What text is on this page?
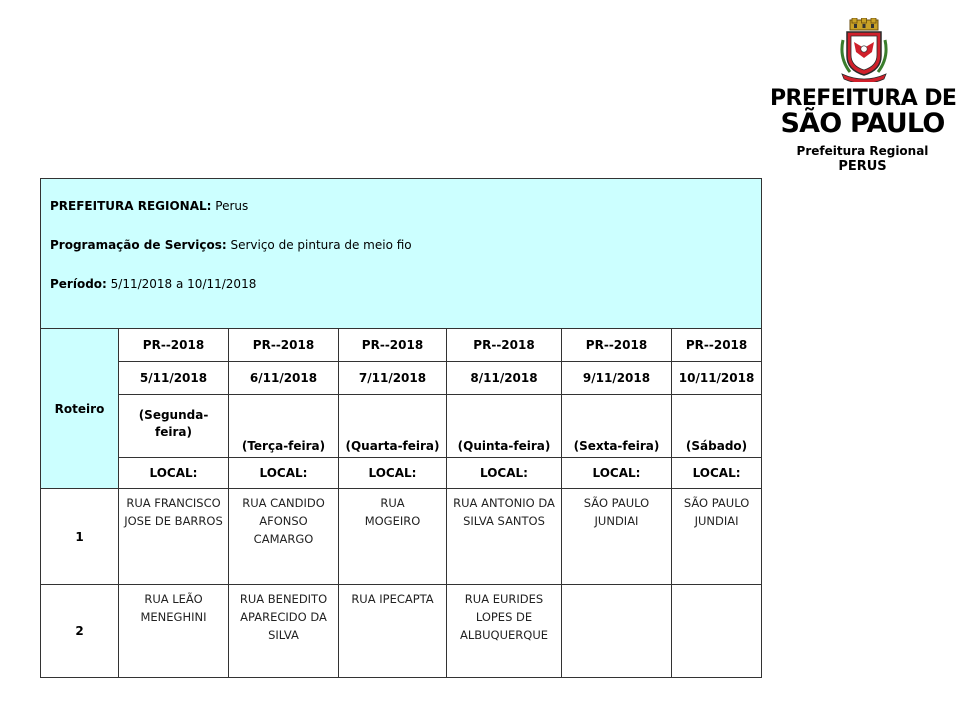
PREFEITURA DE
SÃO PAULO
Prefeitura Regional
PERUS
PREFEITURA REGIONAL: Perus
Programação de Serviços: Serviço de pintura de meio fio
Período: 5/11/2018 a 10/11/2018						

Roteiro	PR--2018	PR--2018	PR--2018	PR--2018	PR--2018	PR--2018
	5/11/2018	6/11/2018	7/11/2018	8/11/2018	9/11/2018	10/11/2018
	(Segunda-feira)	(Terça-feira)	(Quarta-feira)	(Quinta-feira)	(Sexta-feira)	(Sábado)
	LOCAL:	LOCAL:	LOCAL:	LOCAL:	LOCAL:	LOCAL:
1	RUA FRANCISCO JOSE DE BARROS	RUA CANDIDO AFONSO CAMARGO	RUA MOGEIRO	RUA ANTONIO DA SILVA SANTOS	SÃO PAULO JUNDIAI	SÃO PAULO JUNDIAI
2	RUA LEÃO MENEGHINI	RUA BENEDITO APARECIDO DA SILVA	RUA IPECAPTA	RUA EURIDES LOPES DE ALBUQUERQUE		
